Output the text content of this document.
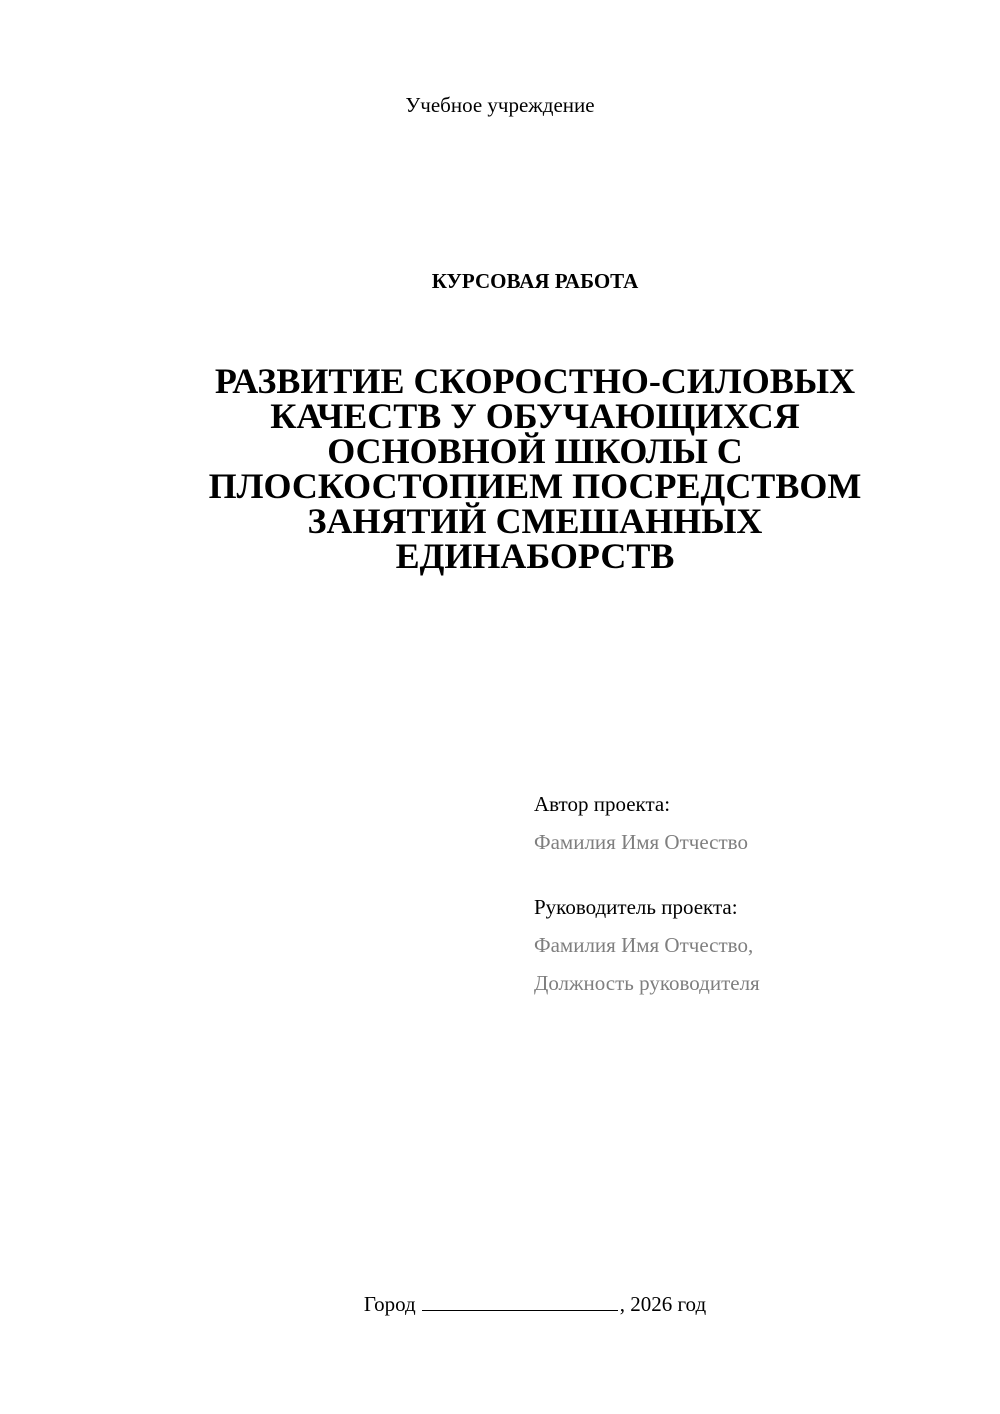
Учебное учреждение
КУРСОВАЯ РАБОТА
РАЗВИТИЕ СКОРОСТНО-СИЛОВЫХ
КАЧЕСТВ У ОБУЧАЮЩИХСЯ
ОСНОВНОЙ ШКОЛЫ С
ПЛОСКОСТОПИЕМ ПОСРЕДСТВОМ
ЗАНЯТИЙ СМЕШАННЫХ
ЕДИНАБОРСТВ
Автор проекта:
Фамилия Имя Отчество
Руководитель проекта:
Фамилия Имя Отчество,
Должность руководителя
Город	, 2026 год
